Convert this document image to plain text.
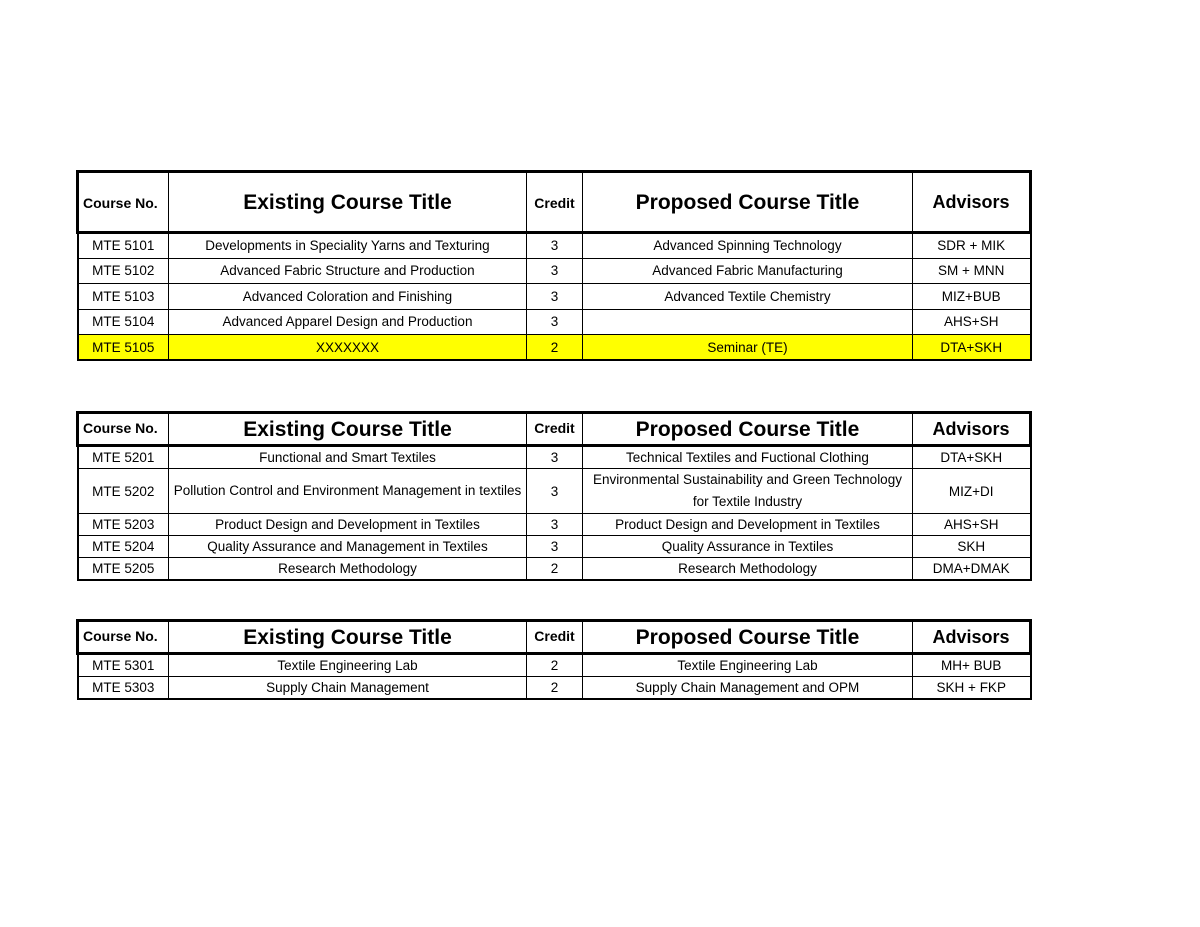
Course No.	Existing Course Title	Credit	Proposed Course Title	Advisors
MTE 5101	Developments in Speciality Yarns and Texturing	3	Advanced Spinning Technology	SDR + MIK
MTE 5102	Advanced Fabric Structure and Production	3	Advanced Fabric Manufacturing	SM + MNN
MTE 5103	Advanced Coloration and Finishing	3	Advanced Textile Chemistry	MIZ+BUB
MTE 5104	Advanced Apparel Design and Production	3		AHS+SH
MTE 5105	XXXXXXX	2	Seminar (TE)	DTA+SKH
Course No.	Existing Course Title	Credit	Proposed Course Title	Advisors
MTE 5201	Functional and Smart Textiles	3	Technical Textiles and Fuctional Clothing	DTA+SKH
MTE 5202	Pollution Control and Environment Management in textiles	3	Environmental Sustainability and Green Technology for Textile Industry	MIZ+DI
MTE 5203	Product Design and Development in Textiles	3	Product Design and Development in Textiles	AHS+SH
MTE 5204	Quality Assurance and Management in Textiles	3	Quality Assurance in Textiles	SKH
MTE 5205	Research Methodology	2	Research Methodology	DMA+DMAK
Course No.	Existing Course Title	Credit	Proposed Course Title	Advisors
MTE 5301	Textile Engineering Lab	2	Textile Engineering Lab	MH+ BUB
MTE 5303	Supply Chain Management	2	Supply Chain Management and OPM	SKH + FKP
